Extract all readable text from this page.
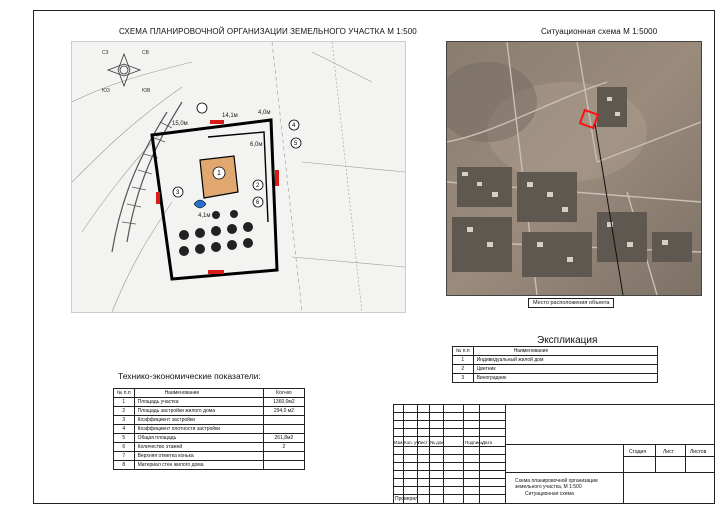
СХЕМА ПЛАНИРОВОЧНОЙ ОРГАНИЗАЦИИ ЗЕМЕЛЬНОГО УЧАСТКА М 1:500
С3	СВ
Ю3	ЮВ
14,1м	4,0м
15,0м
6,0м
4,1м
1
2
3
4
5
6
Ситуационная схема М 1:5000
Место расположения объекта
Экспликация
№ п.п	Наименование
1	Индивидуальный жилой дом
2	Цветник
3	Виноградник
Технико-экономические показатели:
№ п.п	Наименование	Кол-во
1	Площадь участка	1360,0м2
2	Площадь застройки жилого дома	294,0 м2
3	Коэффициент застройки	
4	Коэффициент плотности застройки	
5	Общая площадь	261,8м2
6	Количество этажей	2
7	Верхняя отметка конька	
8	Материал стен жилого дома	
Изм. Кол. уч.
Лист № док.	Подпись Дата
Проверил
Стадия	Лист	Листов
Схема планировочной организации
земельного участка, М 1:500
Ситуационная схема
